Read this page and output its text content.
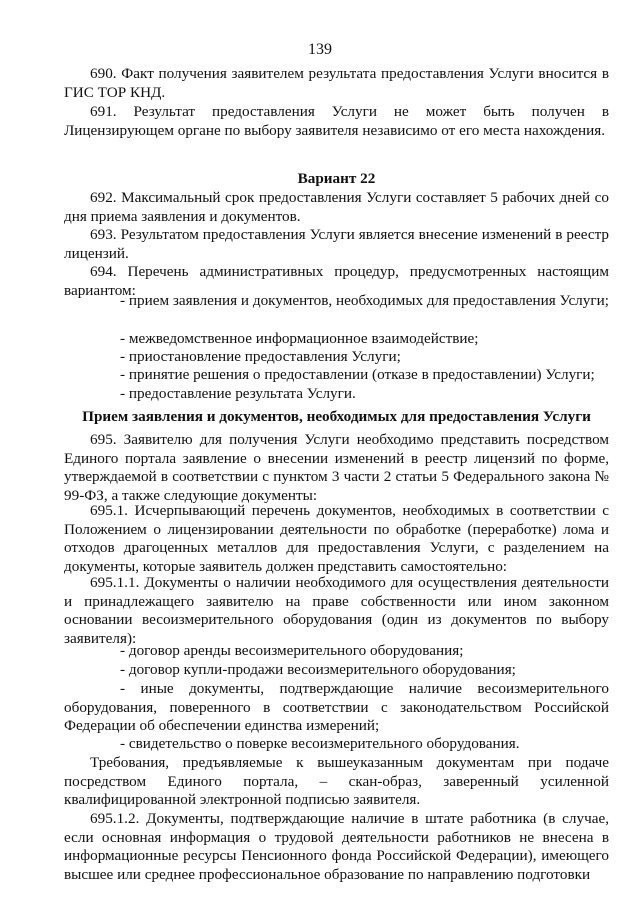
139

690. Факт получения заявителем результата предоставления Услуги вносится в ГИС ТОР КНД.

691. Результат предоставления Услуги не может быть получен в Лицензирующем органе по выбору заявителя независимо от его места нахождения.

Вариант 22

692. Максимальный срок предоставления Услуги составляет 5 рабочих дней со дня приема заявления и документов.

693. Результатом предоставления Услуги является внесение изменений в реестр лицензий.

694. Перечень административных процедур, предусмотренных настоящим вариантом:

- прием заявления и документов, необходимых для предоставления Услуги;

- межведомственное информационное взаимодействие;

- приостановление предоставления Услуги;

- принятие решения о предоставлении (отказе в предоставлении) Услуги;

- предоставление результата Услуги.

Прием заявления и документов, необходимых для предоставления Услуги

695. Заявителю для получения Услуги необходимо представить посредством Единого портала заявление о внесении изменений в реестр лицензий по форме, утверждаемой в соответствии с пунктом 3 части 2 статьи 5 Федерального закона № 99-ФЗ, а также следующие документы:

695.1. Исчерпывающий перечень документов, необходимых в соответствии с Положением о лицензировании деятельности по обработке (переработке) лома и отходов драгоценных металлов для предоставления Услуги, с разделением на документы, которые заявитель должен представить самостоятельно:

695.1.1. Документы о наличии необходимого для осуществления деятельности и принадлежащего заявителю на праве собственности или ином законном основании весоизмерительного оборудования (один из документов по выбору заявителя):

- договор аренды весоизмерительного оборудования;

- договор купли-продажи весоизмерительного оборудования;

- иные документы, подтверждающие наличие весоизмерительного оборудования, поверенного в соответствии с законодательством Российской Федерации об обеспечении единства измерений;

- свидетельство о поверке весоизмерительного оборудования.

Требования, предъявляемые к вышеуказанным документам при подаче посредством Единого портала, – скан-образ, заверенный усиленной квалифицированной электронной подписью заявителя.

695.1.2. Документы, подтверждающие наличие в штате работника (в случае, если основная информация о трудовой деятельности работников не внесена в информационные ресурсы Пенсионного фонда Российской Федерации), имеющего высшее или среднее профессиональное образование по направлению подготовки
